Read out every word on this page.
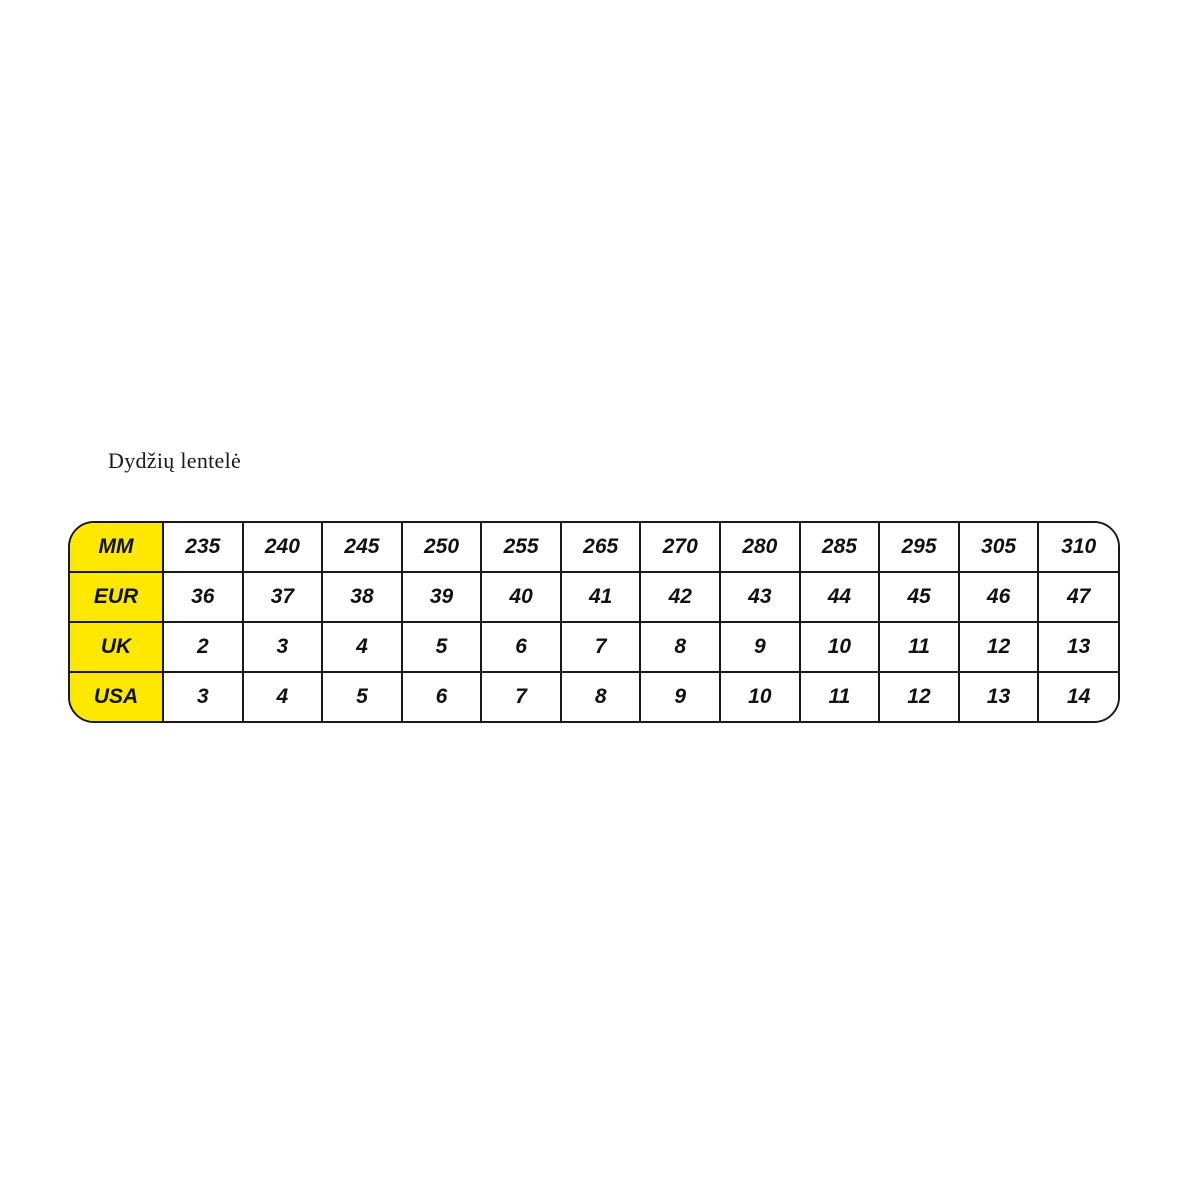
Dydžių lentelė
MM	235	240	245	250	255	265	270	280	285	295	305	310
EUR	36	37	38	39	40	41	42	43	44	45	46	47
UK	2	3	4	5	6	7	8	9	10	11	12	13
USA	3	4	5	6	7	8	9	10	11	12	13	14
